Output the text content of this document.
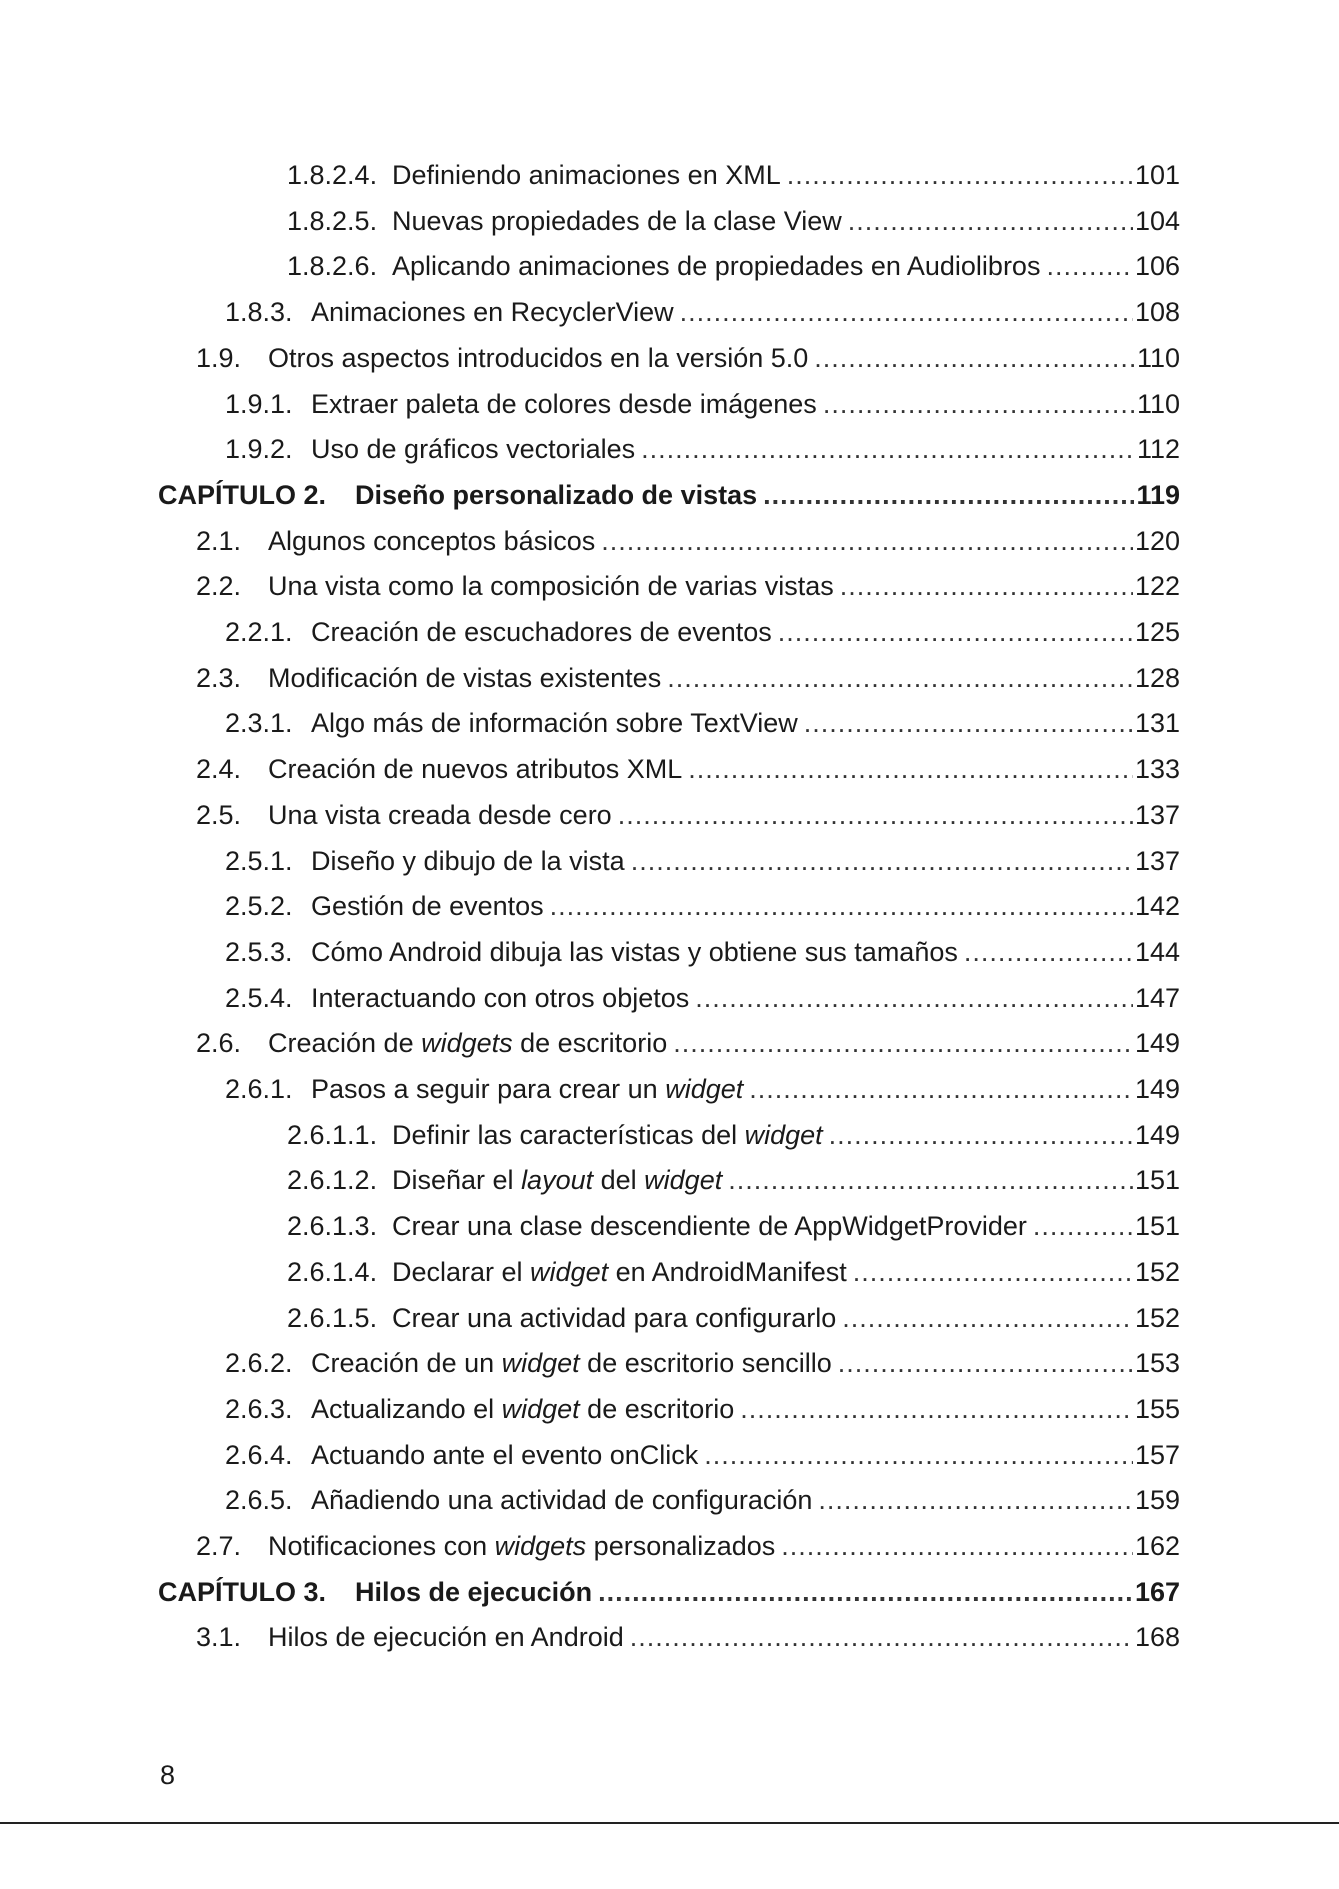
1.8.2.4. Definiendo animaciones en XML .....	101
1.8.2.5. Nuevas propiedades de la clase View .....	104
1.8.2.6. Aplicando animaciones de propiedades en Audiolibros .....	106
1.8.3. Animaciones en RecyclerView .....	108
1.9. Otros aspectos introducidos en la versión 5.0 .....	110
1.9.1. Extraer paleta de colores desde imágenes .....	110
1.9.2. Uso de gráficos vectoriales .....	112
CAPÍTULO 2.	Diseño personalizado de vistas .....	119
2.1. Algunos conceptos básicos .....	120
2.2. Una vista como la composición de varias vistas .....	122
2.2.1. Creación de escuchadores de eventos .....	125
2.3. Modificación de vistas existentes .....	128
2.3.1. Algo más de información sobre TextView .....	131
2.4. Creación de nuevos atributos XML .....	133
2.5. Una vista creada desde cero .....	137
2.5.1. Diseño y dibujo de la vista .....	137
2.5.2. Gestión de eventos .....	142
2.5.3. Cómo Android dibuja las vistas y obtiene sus tamaños .....	144
2.5.4. Interactuando con otros objetos .....	147
2.6. Creación de widgets de escritorio .....	149
2.6.1. Pasos a seguir para crear un widget .....	149
2.6.1.1. Definir las características del widget .....	149
2.6.1.2. Diseñar el layout del widget .....	151
2.6.1.3. Crear una clase descendiente de AppWidgetProvider .....	151
2.6.1.4. Declarar el widget en AndroidManifest .....	152
2.6.1.5. Crear una actividad para configurarlo .....	152
2.6.2. Creación de un widget de escritorio sencillo .....	153
2.6.3. Actualizando el widget de escritorio .....	155
2.6.4. Actuando ante el evento onClick .....	157
2.6.5. Añadiendo una actividad de configuración .....	159
2.7. Notificaciones con widgets personalizados .....	162
CAPÍTULO 3.	Hilos de ejecución .....	167
3.1. Hilos de ejecución en Android .....	168
8
